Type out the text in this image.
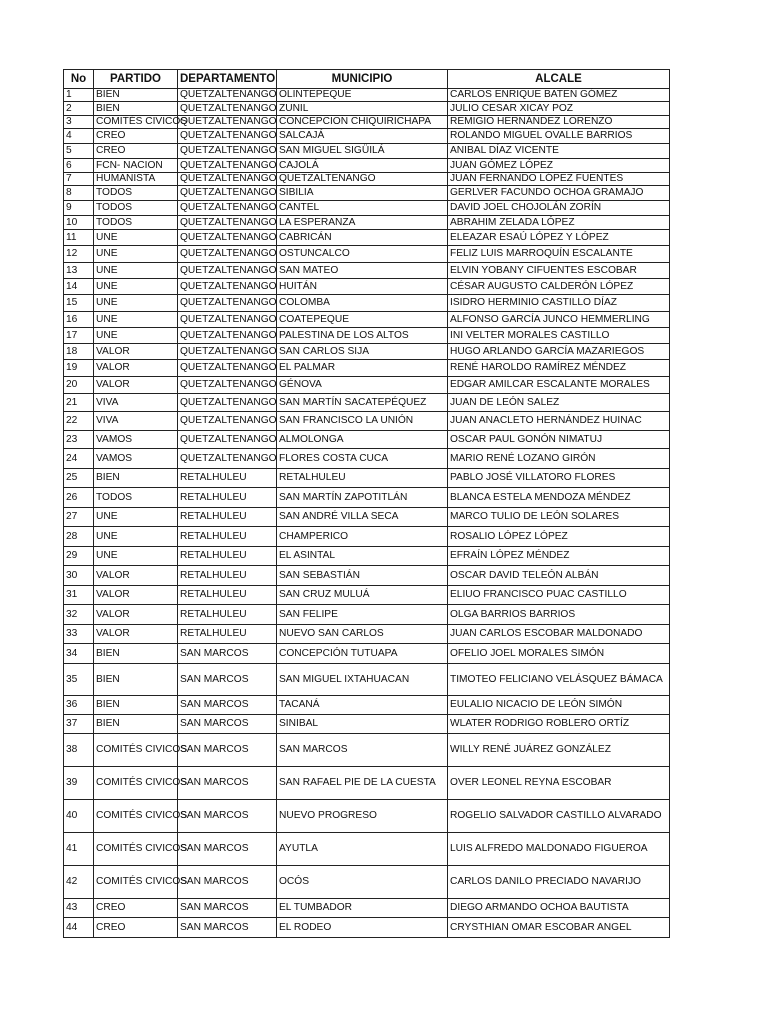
No	PARTIDO	DEPARTAMENTO	MUNICIPIO	ALCALE
1	BIEN	QUETZALTENANGO	OLINTEPEQUE	CARLOS ENRIQUE BATEN GÓMEZ
2	BIEN	QUETZALTENANGO	ZUNIL	JULIO CESAR XICAY POZ
3	COMITÉS CIVICOS	QUETZALTENANGO	CONCEPCION CHIQUIRICHAPA	REMIGIO HERNÁNDEZ LORENZO
4	CREO	QUETZALTENANGO	SALCAJÁ	ROLANDO MIGUEL OVALLE BARRIOS
5	CREO	QUETZALTENANGO	SAN MIGUEL SIGÜILÁ	ANIBAL DÍAZ VICENTE
6	FCN- NACION	QUETZALTENANGO	CAJOLÁ	JUAN GÓMEZ LÓPEZ
7	HUMANISTA	QUETZALTENANGO	QUETZALTENANGO	JUAN FERNANDO LÓPEZ FUENTES
8	TODOS	QUETZALTENANGO	SIBILIA	GERLVER FACUNDO OCHOA GRAMAJO
9	TODOS	QUETZALTENANGO	CANTEL	DAVID JOEL CHOJOLÁN ZORÍN
10	TODOS	QUETZALTENANGO	LA ESPERANZA	ABRAHIM ZELADA LÓPEZ
11	UNE	QUETZALTENANGO	CABRICÁN	ELEAZAR ESAÚ LÓPEZ Y LÓPEZ
12	UNE	QUETZALTENANGO	OSTUNCALCO	FELIZ LUIS MARROQUÍN ESCALANTE
13	UNE	QUETZALTENANGO	SAN MATEO	ELVIN YOBANY CIFUENTES ESCOBAR
14	UNE	QUETZALTENANGO	HUITÁN	CÉSAR AUGUSTO CALDERÓN LÓPEZ
15	UNE	QUETZALTENANGO	COLOMBA	ISIDRO HERMINIO CASTILLO DÍAZ
16	UNE	QUETZALTENANGO	COATEPEQUE	ALFONSO GARCÍA JUNCO HEMMERLING
17	UNE	QUETZALTENANGO	PALESTINA DE LOS ALTOS	INI VELTER MORALES CASTILLO
18	VALOR	QUETZALTENANGO	SAN CARLOS SIJA	HUGO ARLANDO GARCÍA MAZARIEGOS
19	VALOR	QUETZALTENANGO	EL PALMAR	RENÉ HAROLDO RAMÍREZ MÉNDEZ
20	VALOR	QUETZALTENANGO	GÉNOVA	EDGAR AMILCAR ESCALANTE MORALES
21	VIVA	QUETZALTENANGO	SAN MARTÍN SACATEPÉQUEZ	JUAN DE LEÓN SALEZ
22	VIVA	QUETZALTENANGO	SAN FRANCISCO LA UNIÓN	JUAN ANACLETO HERNÁNDEZ HUINAC
23	VAMOS	QUETZALTENANGO	ALMOLONGA	OSCAR PAUL GONÓN NIMATUJ
24	VAMOS	QUETZALTENANGO	FLORES COSTA CUCA	MARIO RENÉ LOZANO GIRÓN
25	BIEN	RETALHULEU	RETALHULEU	PABLO JOSÉ VILLATORO FLORES
26	TODOS	RETALHULEU	SAN MARTÍN ZAPOTITLÁN	BLANCA ESTELA MENDOZA MÉNDEZ
27	UNE	RETALHULEU	SAN ANDRÉ VILLA SECA	MARCO TULIO DE LEÓN SOLARES
28	UNE	RETALHULEU	CHAMPERICO	ROSALIO LÓPEZ LÓPEZ
29	UNE	RETALHULEU	EL ASINTAL	EFRAÍN LÓPEZ MÉNDEZ
30	VALOR	RETALHULEU	SAN SEBASTIÁN	OSCAR DAVID TELEÓN ALBÁN
31	VALOR	RETALHULEU	SAN CRUZ MULUÁ	ELIUO FRANCISCO PUAC CASTILLO
32	VALOR	RETALHULEU	SAN FELIPE	OLGA BARRIOS BARRIOS
33	VALOR	RETALHULEU	NUEVO SAN CARLOS	JUAN CARLOS ESCOBAR MALDONADO
34	BIEN	SAN MARCOS	CONCEPCIÓN TUTUAPA	OFELIO JOEL MORALES SIMÓN
35	BIEN	SAN MARCOS	SAN MIGUEL IXTAHUACAN	TIMOTEO FELICIANO VELÁSQUEZ BÁMACA
36	BIEN	SAN MARCOS	TACANÁ	EULALIO NICACIO DE LEÓN SIMÓN
37	BIEN	SAN MARCOS	SINIBAL	WLATER RODRIGO ROBLERO ORTÍZ
38	COMITÉS CIVICOS	SAN MARCOS	SAN MARCOS	WILLY RENÉ JUÁREZ GONZÁLEZ
39	COMITÉS CIVICOS	SAN MARCOS	SAN RAFAEL PIE DE LA CUESTA	OVER LEONEL REYNA ESCOBAR
40	COMITÉS CIVICOS	SAN MARCOS	NUEVO PROGRESO	ROGELIO SALVADOR CASTILLO ALVARADO
41	COMITÉS CIVICOS	SAN MARCOS	AYUTLA	LUIS ALFREDO MALDONADO FIGUEROA
42	COMITÉS CIVICOS	SAN MARCOS	OCÓS	CARLOS DANILO PRECIADO NAVARIJO
43	CREO	SAN MARCOS	EL TUMBADOR	DIEGO ARMANDO OCHOA BAUTISTA
44	CREO	SAN MARCOS	EL RODEO	CRYSTHIAN OMAR ESCOBAR ANGEL
